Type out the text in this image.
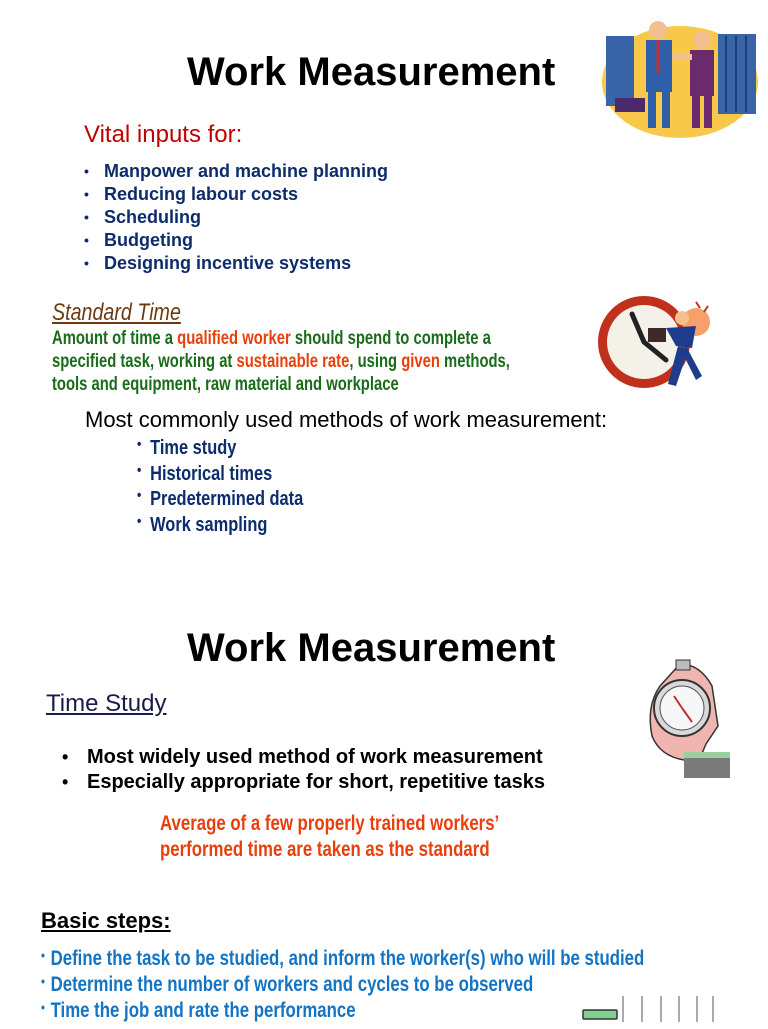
Work Measurement
Vital inputs for:
• Manpower and machine planning
• Reducing labour costs
• Scheduling
• Budgeting
• Designing incentive systems
Standard Time
Amount of time a qualified worker should spend to complete a
specified task, working at sustainable rate, using given methods,
tools and equipment, raw material and workplace
Most commonly used methods of work measurement:
• Time study
• Historical times
• Predetermined data
• Work sampling
Work Measurement
Time Study
• Most widely used method of work measurement
• Especially appropriate for short, repetitive tasks
Average of a few properly trained workers’
performed time are taken as the standard
Basic steps:
• Define the task to be studied, and inform the worker(s) who will be studied
• Determine the number of workers and cycles to be observed
• Time the job and rate the performance
